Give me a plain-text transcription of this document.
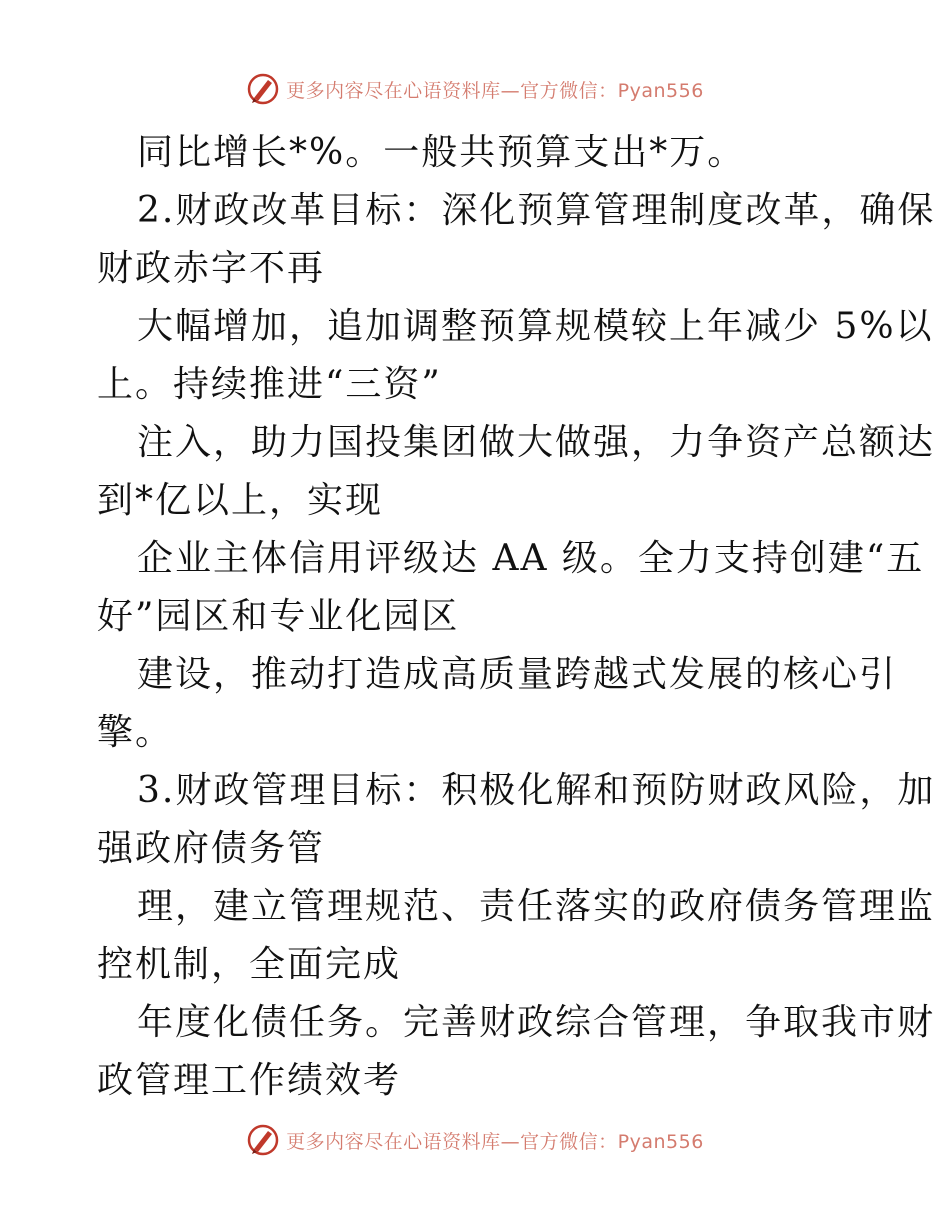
更多内容尽在心语资料库—官方微信：Pyan556
同比增长*%。一般共预算支出*万。
2.财政改革目标：深化预算管理制度改革，确保
财政赤字不再
大幅增加，追加调整预算规模较上年减少 5%以
上。持续推进“三资”
注入，助力国投集团做大做强，力争资产总额达
到*亿以上，实现
企业主体信用评级达 AA 级。全力支持创建“五
好”园区和专业化园区
建设，推动打造成高质量跨越式发展的核心引
擎。
3.财政管理目标：积极化解和预防财政风险，加
强政府债务管
理，建立管理规范、责任落实的政府债务管理监
控机制，全面完成
年度化债任务。完善财政综合管理，争取我市财
政管理工作绩效考
更多内容尽在心语资料库—官方微信：Pyan556
